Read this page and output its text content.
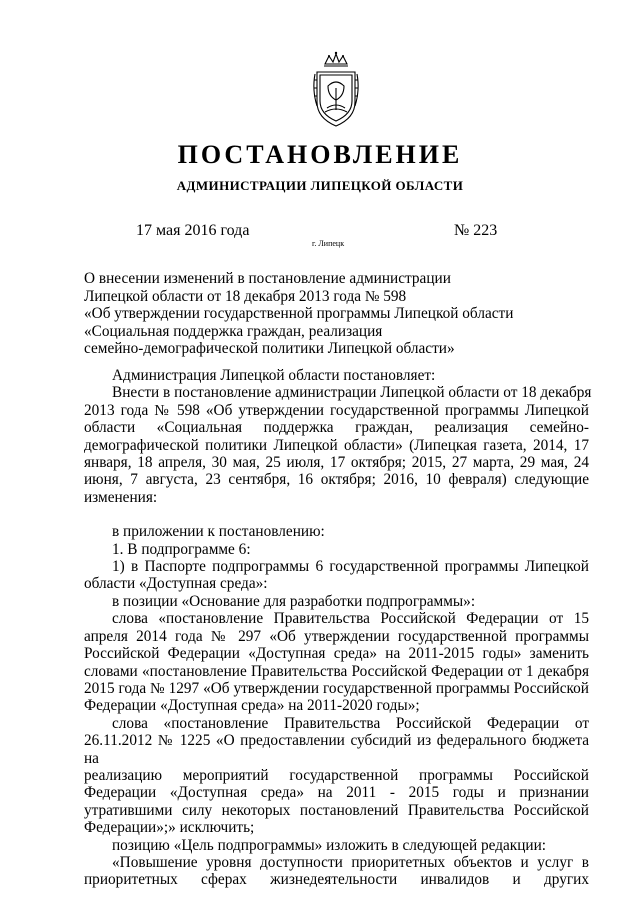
ПОСТАНОВЛЕНИЕ
АДМИНИСТРАЦИИ ЛИПЕЦКОЙ ОБЛАСТИ
17 мая 2016 года
г. Липецк
№ 223
О внесении изменений в постановление администрации
Липецкой области от 18 декабря 2013 года № 598
«Об утверждении государственной программы Липецкой области
«Социальная поддержка граждан, реализация
семейно-демографической политики Липецкой области»
Администрация Липецкой области постановляет:
Внести в постановление администрации Липецкой области от 18 декабря
2013 года № 598 «Об утверждении государственной программы Липецкой
области «Социальная поддержка граждан, реализация семейно-
демографической политики Липецкой области» (Липецкая газета, 2014, 17
января, 18 апреля, 30 мая, 25 июля, 17 октября; 2015, 27 марта, 29 мая, 24
июня, 7 августа, 23 сентября, 16 октября; 2016, 10 февраля) следующие
изменения:
в приложении к постановлению:
1. В подпрограмме 6:
1) в Паспорте подпрограммы 6 государственной программы Липецкой
области «Доступная среда»:
в позиции «Основание для разработки подпрограммы»:
слова «постановление Правительства Российской Федерации от 15
апреля 2014 года № 297 «Об утверждении государственной программы
Российской Федерации «Доступная среда» на 2011-2015 годы» заменить
словами «постановление Правительства Российской Федерации от 1 декабря
2015 года № 1297 «Об утверждении государственной программы Российской
Федерации «Доступная среда» на 2011-2020 годы»;
слова «постановление Правительства Российской Федерации от
26.11.2012 № 1225 «О предоставлении субсидий из федерального бюджета на
реализацию мероприятий государственной программы Российской
Федерации «Доступная среда» на 2011 - 2015 годы и признании
утратившими силу некоторых постановлений Правительства Российской
Федерации»;» исключить;
позицию «Цель подпрограммы» изложить в следующей редакции:
«Повышение уровня доступности приоритетных объектов и услуг в
приоритетных сферах жизнедеятельности инвалидов и других
